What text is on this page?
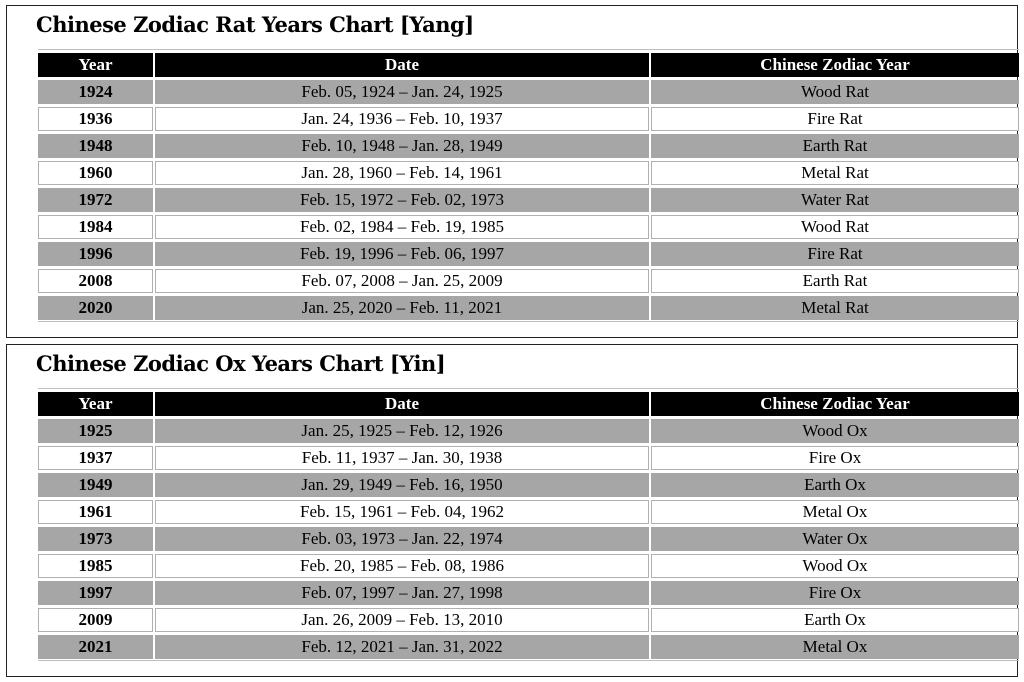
Chinese Zodiac Rat Years Chart [Yang]
Year	Date	Chinese Zodiac Year
1924	Feb. 05, 1924 – Jan. 24, 1925	Wood Rat
1936	Jan. 24, 1936 – Feb. 10, 1937	Fire Rat
1948	Feb. 10, 1948 – Jan. 28, 1949	Earth Rat
1960	Jan. 28, 1960 – Feb. 14, 1961	Metal Rat
1972	Feb. 15, 1972 – Feb. 02, 1973	Water Rat
1984	Feb. 02, 1984 – Feb. 19, 1985	Wood Rat
1996	Feb. 19, 1996 – Feb. 06, 1997	Fire Rat
2008	Feb. 07, 2008 – Jan. 25, 2009	Earth Rat
2020	Jan. 25, 2020 – Feb. 11, 2021	Metal Rat
Chinese Zodiac Ox Years Chart [Yin]
Year	Date	Chinese Zodiac Year
1925	Jan. 25, 1925 – Feb. 12, 1926	Wood Ox
1937	Feb. 11, 1937 – Jan. 30, 1938	Fire Ox
1949	Jan. 29, 1949 – Feb. 16, 1950	Earth Ox
1961	Feb. 15, 1961 – Feb. 04, 1962	Metal Ox
1973	Feb. 03, 1973 – Jan. 22, 1974	Water Ox
1985	Feb. 20, 1985 – Feb. 08, 1986	Wood Ox
1997	Feb. 07, 1997 – Jan. 27, 1998	Fire Ox
2009	Jan. 26, 2009 – Feb. 13, 2010	Earth Ox
2021	Feb. 12, 2021 – Jan. 31, 2022	Metal Ox
